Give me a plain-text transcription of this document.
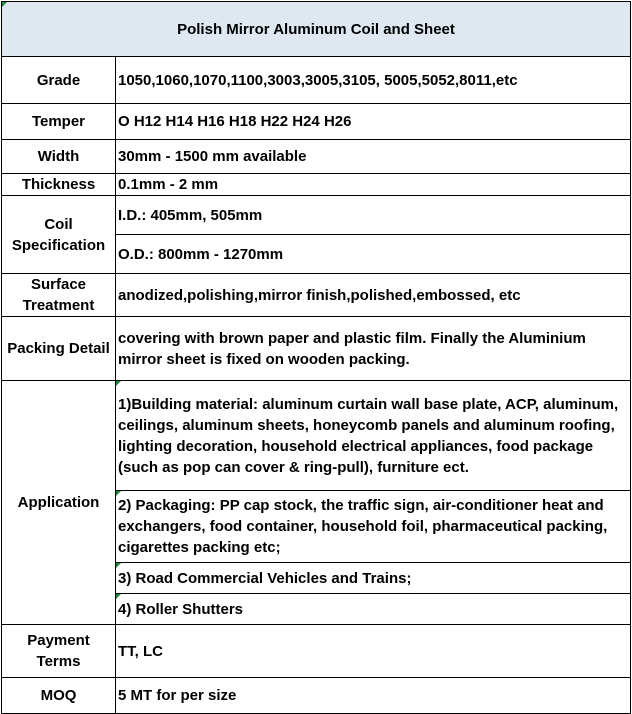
Polish Mirror Aluminum Coil and Sheet	
Grade	1050,1060,1070,1100,3003,3005,3105, 5005,5052,8011,etc
Temper	O H12 H14 H16 H18 H22 H24 H26
Width	30mm - 1500 mm available
Thickness	0.1mm - 2 mm
Coil Specification	I.D.: 405mm, 505mm
	O.D.: 800mm - 1270mm
Surface Treatment	anodized,polishing,mirror finish,polished,embossed, etc
Packing Detail	covering with brown paper and plastic film. Finally the Aluminium mirror sheet is fixed on wooden packing.
Application	1)Building material: aluminum curtain wall base plate, ACP, aluminum, ceilings, aluminum sheets, honeycomb panels and aluminum roofing, lighting decoration, household electrical appliances, food package (such as pop can cover & ring-pull), furniture ect.

2) Packaging: PP cap stock, the traffic sign, air-conditioner heat and exchangers, food container, household foil, pharmaceutical packing, cigarettes packing etc;

3) Road Commercial Vehicles and Trains;

4) Roller Shutters
Payment Terms	TT, LC
MOQ	5 MT for per size
